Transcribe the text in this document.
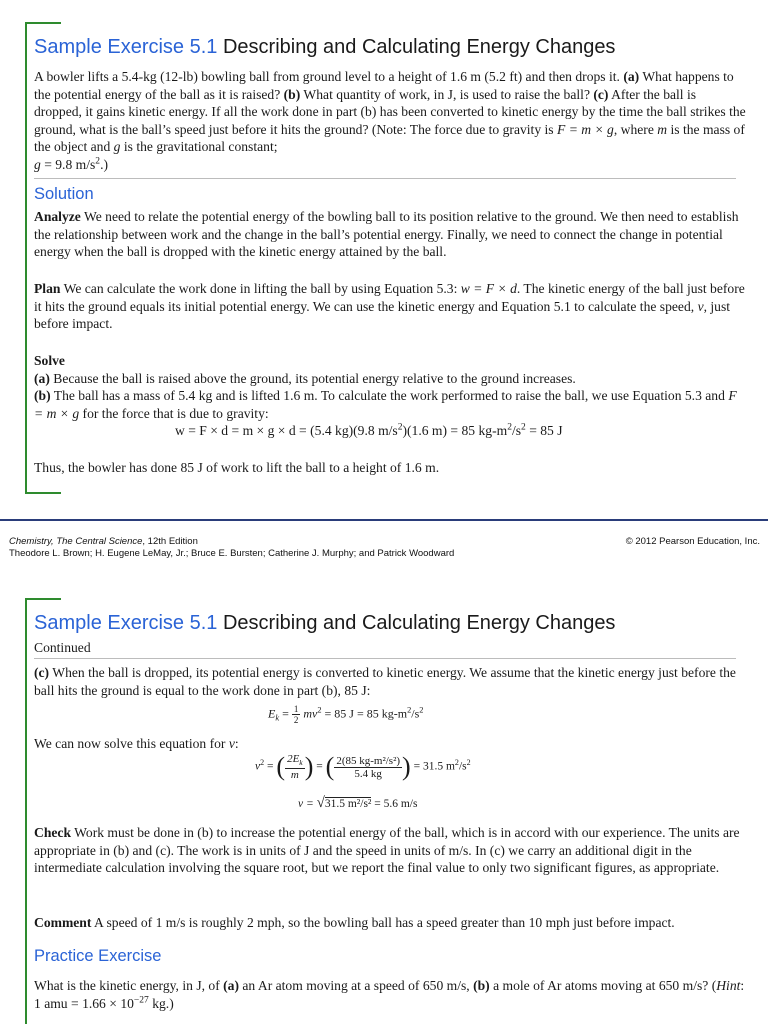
Sample Exercise 5.1 Describing and Calculating Energy Changes
A bowler lifts a 5.4-kg (12-lb) bowling ball from ground level to a height of 1.6 m (5.2 ft) and then drops it. (a) What happens to the potential energy of the ball as it is raised? (b) What quantity of work, in J, is used to raise the ball? (c) After the ball is dropped, it gains kinetic energy. If all the work done in part (b) has been converted to kinetic energy by the time the ball strikes the ground, what is the ball’s speed just before it hits the ground? (Note: The force due to gravity is F = m × g, where m is the mass of the object and g is the gravitational constant;
g = 9.8 $m/s^2$.)
Solution
Analyze We need to relate the potential energy of the bowling ball to its position relative to the ground. We then need to establish the relationship between work and the change in the ball’s potential energy. Finally, we need to connect the change in potential energy when the ball is dropped with the kinetic energy attained by the ball.
Plan We can calculate the work done in lifting the ball by using Equation 5.3: w = F × d. The kinetic energy of the ball just before it hits the ground equals its initial potential energy. We can use the kinetic energy and Equation 5.1 to calculate the speed, v, just before impact.
Solve
(a) Because the ball is raised above the ground, its potential energy relative to the ground increases.
(b) The ball has a mass of 5.4 kg and is lifted 1.6 m. To calculate the work performed to raise the ball, we use Equation 5.3 and F = m × g for the force that is due to gravity:
w = F × d = m × g × d = (5.4 kg)(9.8 $m/s^2)(1.6$ m) = 85 $kg-m^2/s^2 = 85$ J
Thus, the bowler has done 85 J of work to lift the ball to a height of 1.6 m.
Chemistry, The Central Science, 12th Edition
Theodore L. Brown; H. Eugene LeMay, Jr.; Bruce E. Bursten; Catherine J. Murphy; and Patrick Woodward
© 2012 Pearson Education, Inc.
Sample Exercise 5.1 Describing and Calculating Energy Changes
Continued
(c) When the ball is dropped, its potential energy is converted to kinetic energy. We assume that the kinetic energy just before the ball hits the ground is equal to the work done in part (b), 85 J:
$E_k = \frac{1}{2} mv^2 = 85$ J = 85 $kg-m^2/s^2$
We can now solve this equation for v:
$v^2$ = ( $\frac{2E_k}{m}$ ) = ( $\frac{\text{2(85 kg-m²/s²)}}{5.4 kg}$ ) = 31.5 $m^2/s^2$
v = √31.5 m²/s² = 5.6 m/s
Check Work must be done in (b) to increase the potential energy of the ball, which is in accord with our experience. The units are appropriate in (b) and (c). The work is in units of J and the speed in units of m/s. In (c) we carry an additional digit in the intermediate calculation involving the square root, but we report the final value to only two significant figures, as appropriate.
Comment A speed of 1 m/s is roughly 2 mph, so the bowling ball has a speed greater than 10 mph just before impact.
Practice Exercise
What is the kinetic energy, in J, of (a) an Ar atom moving at a speed of 650 m/s, (b) a mole of Ar atoms moving at 650 m/s? (Hint: 1 amu = $1.66 \times 10^{-27}$ kg.)
